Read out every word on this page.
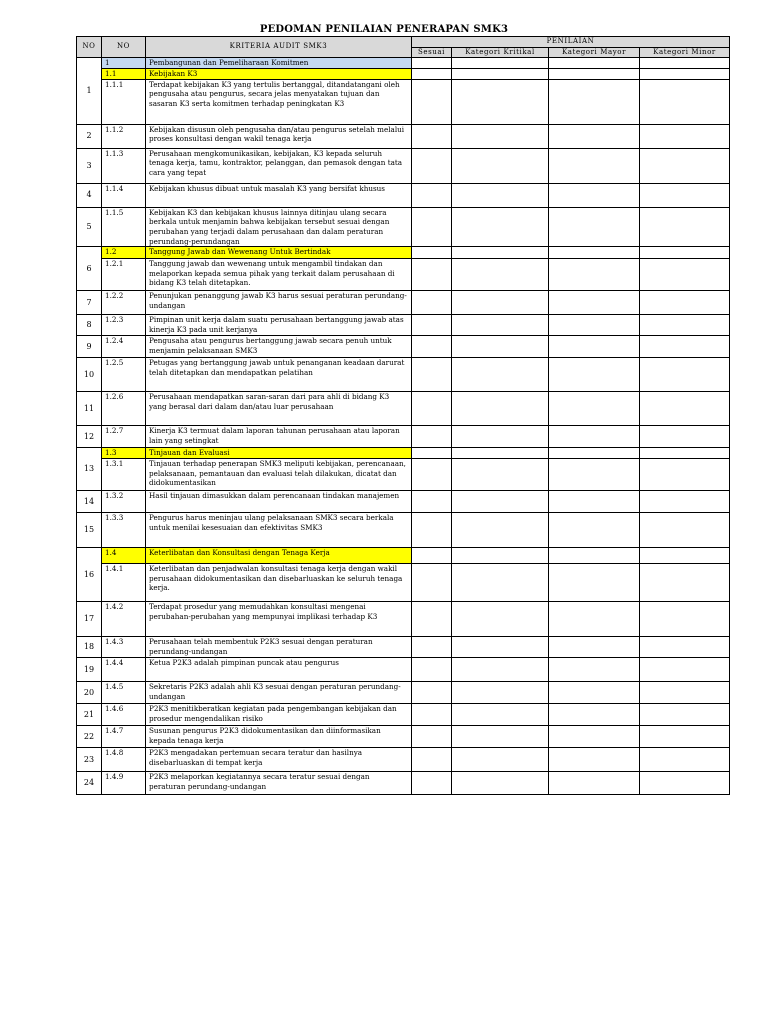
PEDOMAN PENILAIAN PENERAPAN SMK3
NO	NO	KRITERIA AUDIT SMK3	PENILAIAN			
			Sesuai	Kategori Kritikal	Kategori Mayor	Kategori Minor
1	1	Pembangunan dan Pemeliharaan Komitmen				
	1.1	Kebijakan K3				
	1.1.1	Terdapat kebijakan K3 yang tertulis bertanggal, ditandatangani oleh pengusaha atau pengurus, secara jelas menyatakan tujuan dan sasaran K3 serta komitmen terhadap peningkatan K3				
2	1.1.2	Kebijakan disusun oleh pengusaha dan/atau pengurus setelah melalui proses konsultasi dengan wakil tenaga kerja				
3	1.1.3	Perusahaan mengkomunikasikan, kebijakan, K3 kepada seluruh tenaga kerja, tamu, kontraktor, pelanggan, dan pemasok dengan tata cara yang tepat				
4	1.1.4	Kebijakan khusus dibuat untuk masalah K3 yang bersifat khusus				
5	1.1.5	Kebijakan K3 dan kebijakan khusus lainnya ditinjau ulang secara berkala untuk menjamin bahwa kebijakan tersebut sesuai dengan perubahan yang terjadi dalam perusahaan dan dalam peraturan perundang-perundangan				
6	1.2	Tanggung Jawab dan Wewenang Untuk Bertindak				
	1.2.1	Tanggung jawab dan wewenang untuk mengambil tindakan dan melaporkan kepada semua pihak yang terkait dalam perusahaan di bidang K3 telah ditetapkan.				
7	1.2.2	Penunjukan penanggung jawab K3 harus sesuai peraturan perundang-undangan				
8	1.2.3	Pimpinan unit kerja dalam suatu perusahaan bertanggung jawab atas kinerja K3 pada unit kerjanya				
9	1.2.4	Pengusaha atau pengurus bertanggung jawab secara penuh untuk menjamin pelaksanaan SMK3				
10	1.2.5	Petugas yang bertanggung jawab untuk penanganan keadaan darurat telah ditetapkan dan mendapatkan pelatihan				
11	1.2.6	Perusahaan mendapatkan saran-saran dari para ahli di bidang K3 yang berasal dari dalam dan/atau luar perusahaan				
12	1.2.7	Kinerja K3 termuat dalam laporan tahunan perusahaan atau laporan lain yang setingkat				
13	1.3	Tinjauan dan Evaluasi				
	1.3.1	Tinjauan terhadap penerapan SMK3 meliputi kebijakan, perencanaan, pelaksanaan, pemantauan dan evaluasi telah dilakukan, dicatat dan didokumentasikan				
14	1.3.2	Hasil tinjauan dimasukkan dalam perencanaan tindakan manajemen				
15	1.3.3	Pengurus harus meninjau ulang pelaksanaan SMK3 secara berkala untuk menilai kesesuaian dan efektivitas SMK3				
16	1.4	Keterlibatan dan Konsultasi dengan Tenaga Kerja				
	1.4.1	Keterlibatan dan penjadwalan konsultasi tenaga kerja dengan wakil perusahaan didokumentasikan dan disebarluaskan ke seluruh tenaga kerja.				
17	1.4.2	Terdapat prosedur yang memudahkan konsultasi mengenai perubahan-perubahan yang mempunyai implikasi terhadap K3				
18	1.4.3	Perusahaan telah membentuk P2K3 sesuai dengan peraturan perundang-undangan				
19	1.4.4	Ketua P2K3 adalah pimpinan puncak atau pengurus				
20	1.4.5	Sekretaris P2K3 adalah ahli K3 sesuai dengan peraturan perundang-undangan				
21	1.4.6	P2K3 menitikberatkan kegiatan pada pengembangan kebijakan dan prosedur mengendalikan risiko				
22	1.4.7	Susunan pengurus P2K3 didokumentasikan dan diinformasikan kepada tenaga kerja				
23	1.4.8	P2K3 mengadakan pertemuan secara teratur dan hasilnya disebarluaskan di tempat kerja				
24	1.4.9	P2K3 melaporkan kegiatannya secara teratur sesuai dengan peraturan perundang-undangan				
